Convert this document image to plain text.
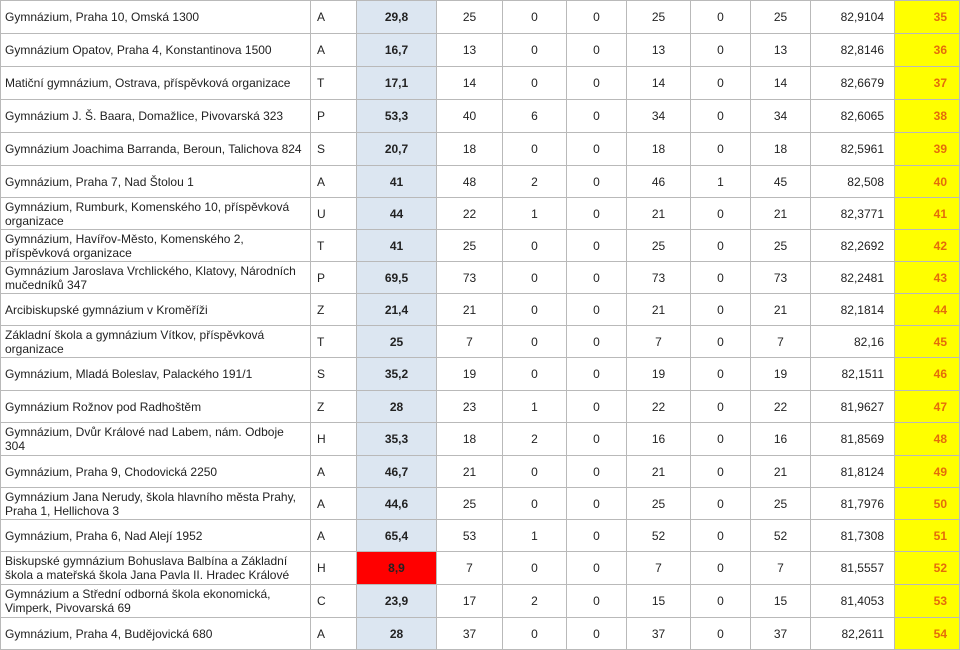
Gymnázium, Praha 10, Omská 1300	A	29,8	25	0	0	25	0	25	82,9104	35
Gymnázium Opatov, Praha 4, Konstantinova 1500	A	16,7	13	0	0	13	0	13	82,8146	36
Matiční gymnázium, Ostrava, příspěvková organizace	T	17,1	14	0	0	14	0	14	82,6679	37
Gymnázium J. Š. Baara, Domažlice, Pivovarská 323	P	53,3	40	6	0	34	0	34	82,6065	38
Gymnázium Joachima Barranda, Beroun, Talichova 824	S	20,7	18	0	0	18	0	18	82,5961	39
Gymnázium, Praha 7, Nad Štolou 1	A	41	48	2	0	46	1	45	82,508	40
Gymnázium, Rumburk, Komenského 10, příspěvková organizace	U	44	22	1	0	21	0	21	82,3771	41
Gymnázium, Havířov-Město, Komenského 2, příspěvková organizace	T	41	25	0	0	25	0	25	82,2692	42
Gymnázium Jaroslava Vrchlického, Klatovy, Národních mučedníků 347	P	69,5	73	0	0	73	0	73	82,2481	43
Arcibiskupské gymnázium v Kroměříži	Z	21,4	21	0	0	21	0	21	82,1814	44
Základní škola a gymnázium Vítkov, příspěvková organizace	T	25	7	0	0	7	0	7	82,16	45
Gymnázium, Mladá Boleslav, Palackého 191/1	S	35,2	19	0	0	19	0	19	82,1511	46
Gymnázium Rožnov pod Radhoštěm	Z	28	23	1	0	22	0	22	81,9627	47
Gymnázium, Dvůr Králové nad Labem, nám. Odboje 304	H	35,3	18	2	0	16	0	16	81,8569	48
Gymnázium, Praha 9, Chodovická 2250	A	46,7	21	0	0	21	0	21	81,8124	49
Gymnázium Jana Nerudy, škola hlavního města Prahy, Praha 1, Hellichova 3	A	44,6	25	0	0	25	0	25	81,7976	50
Gymnázium, Praha 6, Nad Alejí 1952	A	65,4	53	1	0	52	0	52	81,7308	51
Biskupské gymnázium Bohuslava Balbína a Základní škola a mateřská škola Jana Pavla II. Hradec Králové	H	8,9	7	0	0	7	0	7	81,5557	52
Gymnázium a Střední odborná škola ekonomická, Vimperk, Pivovarská 69	C	23,9	17	2	0	15	0	15	81,4053	53
Gymnázium, Praha 4, Budějovická 680	A	28	37	0	0	37	0	37	82,2611	54
